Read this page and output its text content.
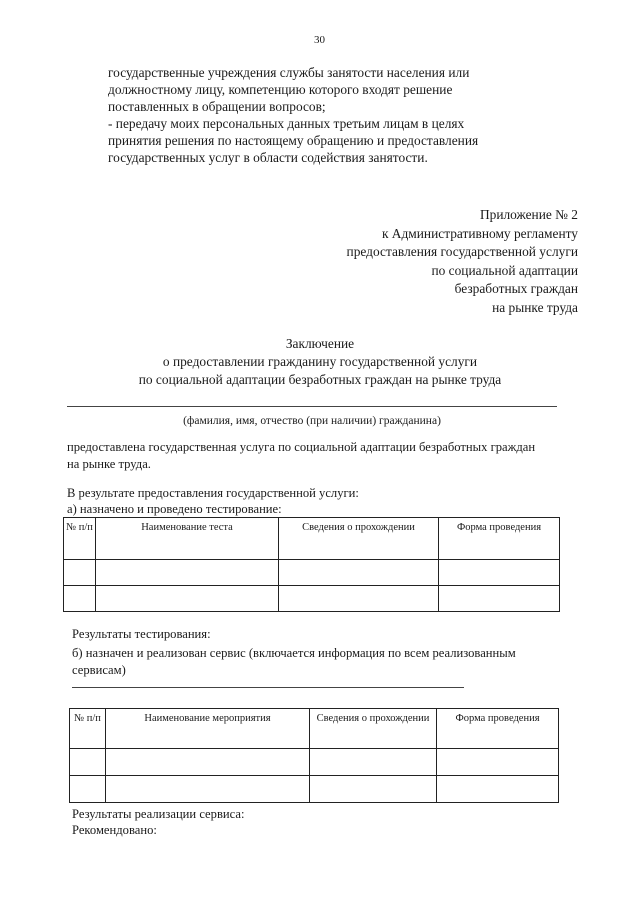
30
государственные учреждения службы занятости населения или
должностному лицу, компетенцию которого входят решение
поставленных в обращении вопросов;
- передачу моих персональных данных третьим лицам в целях
принятия решения по настоящему обращению и предоставления
государственных услуг в области содействия занятости.
Приложение № 2
к Административному регламенту
предоставления государственной услуги
по социальной адаптации
безработных граждан
на рынке труда
Заключение
о предоставлении гражданину государственной услуги
по социальной адаптации безработных граждан на рынке труда
(фамилия, имя, отчество (при наличии) гражданина)
предоставлена государственная услуга по социальной адаптации безработных граждан
на рынке труда.
В результате предоставления государственной услуги:
а) назначено и проведено тестирование:
№ п/п	Наименование теста	Сведения о прохождении	Форма проведения

Результаты тестирования:
б) назначен и реализован сервис (включается информация по всем реализованным
сервисам)
№ п/п	Наименование мероприятия	Сведения о прохождении	Форма проведения

Результаты реализации сервиса:
Рекомендовано:
